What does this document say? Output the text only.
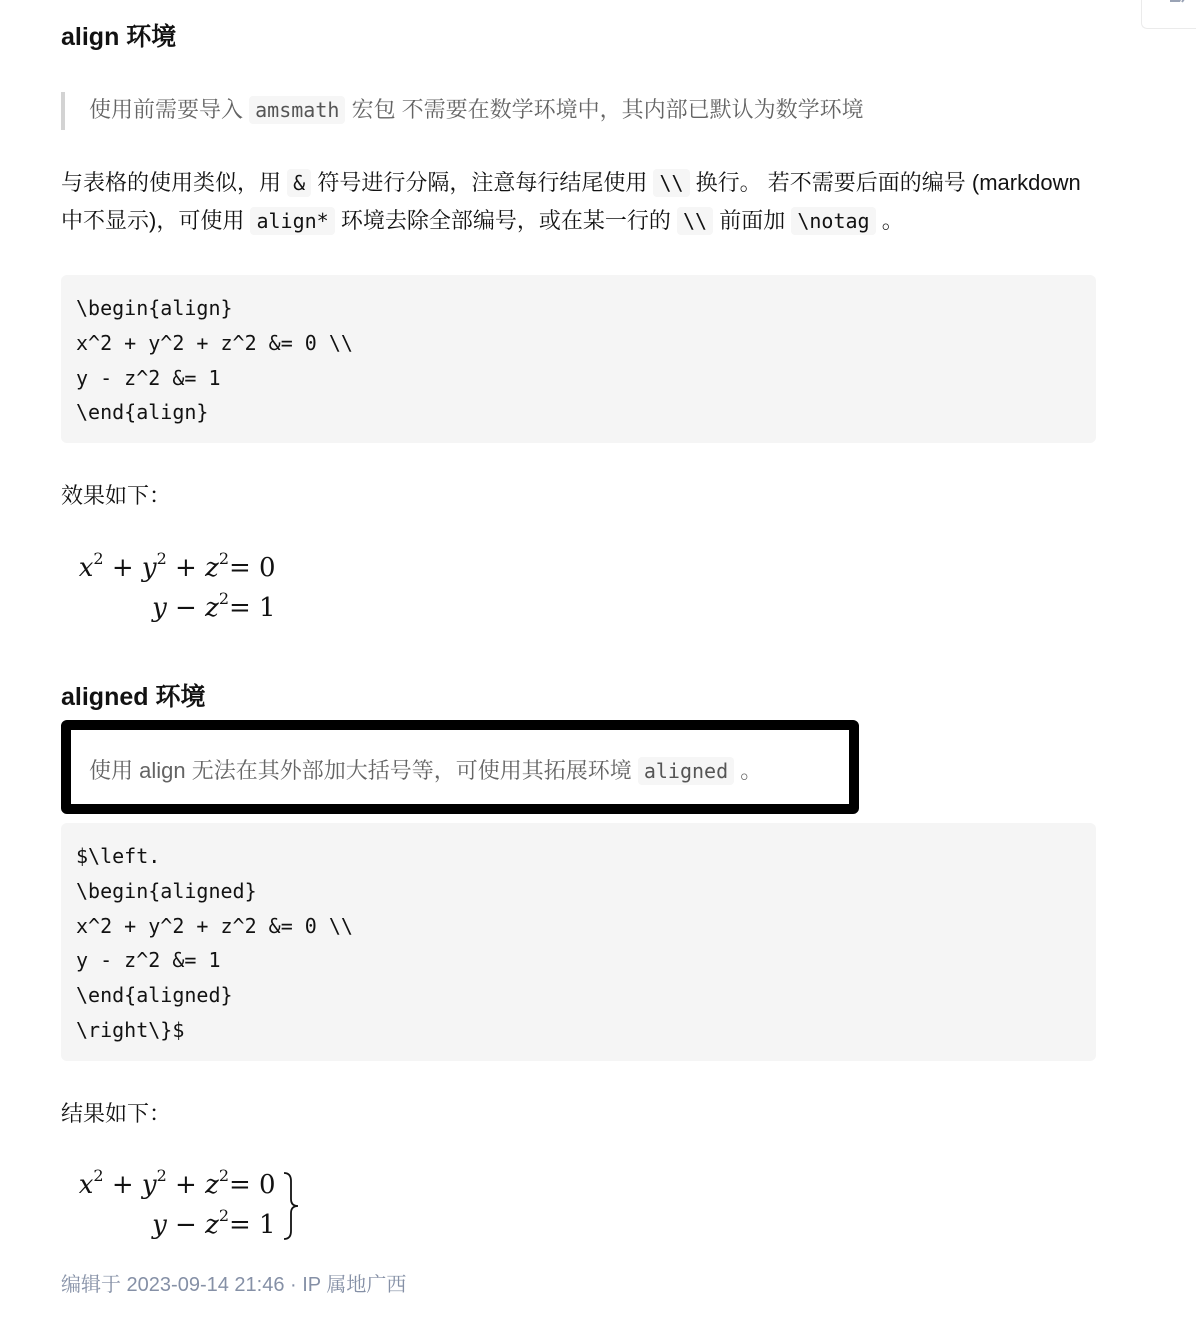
align 环境
使用前需要导入 amsmath 宏包 不需要在数学环境中，其内部已默认为数学环境
与表格的使用类似，用 & 符号进行分隔，注意每行结尾使用 \\ 换行。 若不需要后面的编号 (markdown 中不显示)，可使用 align* 环境去除全部编号，或在某一行的 \\ 前面加 \notag 。
\begin{align}
x^2 + y^2 + z^2 &= 0 \\
y - z^2 &= 1
\end{align}
效果如下：
$x^2 + y^2 + z^2 = 0$
$y - z^2 = 1$
aligned 环境
使用 align 无法在其外部加大括号等，可使用其拓展环境 aligned 。
$\left.
\begin{aligned}
x^2 + y^2 + z^2 &= 0 \\
y - z^2 &= 1
\end{aligned}
\right\}$
结果如下：
$x^2 + y^2 + z^2 = 0$
$y - z^2 = 1$
编辑于 2023-09-14 21:46 · IP 属地广西
